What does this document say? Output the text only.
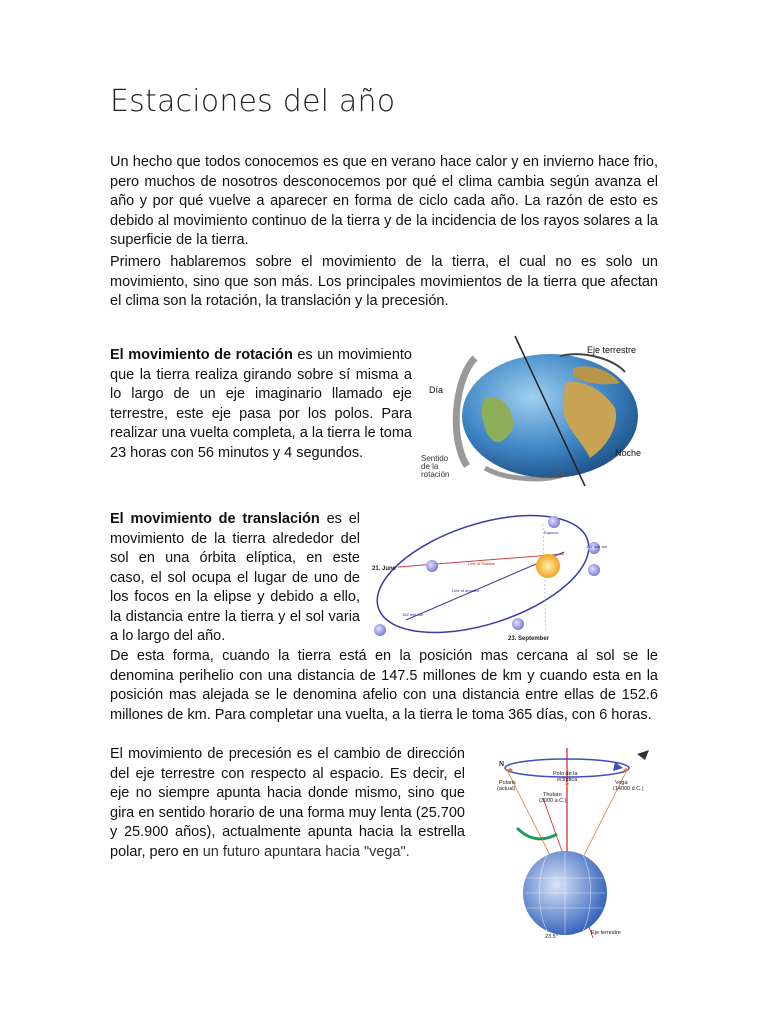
Estaciones del año

Un hecho que todos conocemos es que en verano hace calor y en invierno hace frio, pero muchos de nosotros desconocemos por qué el clima cambia según avanza el año y por qué vuelve a aparecer en forma de ciclo cada año. La razón de esto es debido al movimiento continuo de la tierra y de la incidencia de los rayos solares a la superficie de la tierra.

Primero hablaremos sobre el movimiento de la tierra, el cual no es solo un movimiento, sino que son más. Los principales movimientos de la tierra que afectan el clima son la rotación, la translación y la precesión.

El movimiento de rotación es un movimiento que la tierra realiza girando sobre sí misma a lo largo de un eje imaginario llamado eje terrestre, este eje pasa por los polos. Para realizar una vuelta completa, a la tierra le toma 23 horas con 56 minutos y 4 segundos.

Eje terrestre
Día
Noche
Sentido
de la
rotación

El movimiento de translación es el movimiento de la tierra alrededor del sol en una órbita elíptica, en este caso, el sol ocupa el lugar de uno de los focos en la elipse y debido a ello, la distancia entre la tierra y el sol varia a lo largo del año.

21. June
23. September
Line of Solstice
Line of apsides
Equinox
147 mill. km
152 mill. km

De esta forma, cuando la tierra está en la posición mas cercana al sol se le denomina perihelio con una distancia de 147.5 millones de km y cuando esta en la posición mas alejada se le denomina afelio con una distancia entre ellas de 152.6 millones de km. Para completar una vuelta, a la tierra le toma 365 días, con 6 horas.

El movimiento de precesión es el cambio de dirección del eje terrestre con respecto al espacio. Es decir, el eje no siempre apunta hacia donde mismo, sino que gira en sentido horario de una forma muy lenta (25.700 y 25.900 años), actualmente apunta hacia la estrella polar, pero en un futuro apuntara hacia "vega".

N
Polo de la
eclíptica
Polaris
(actual)
Thuban
(3000 a.C.)
Vega
(14000 d.C.)
23.5°
Eje terrestre
